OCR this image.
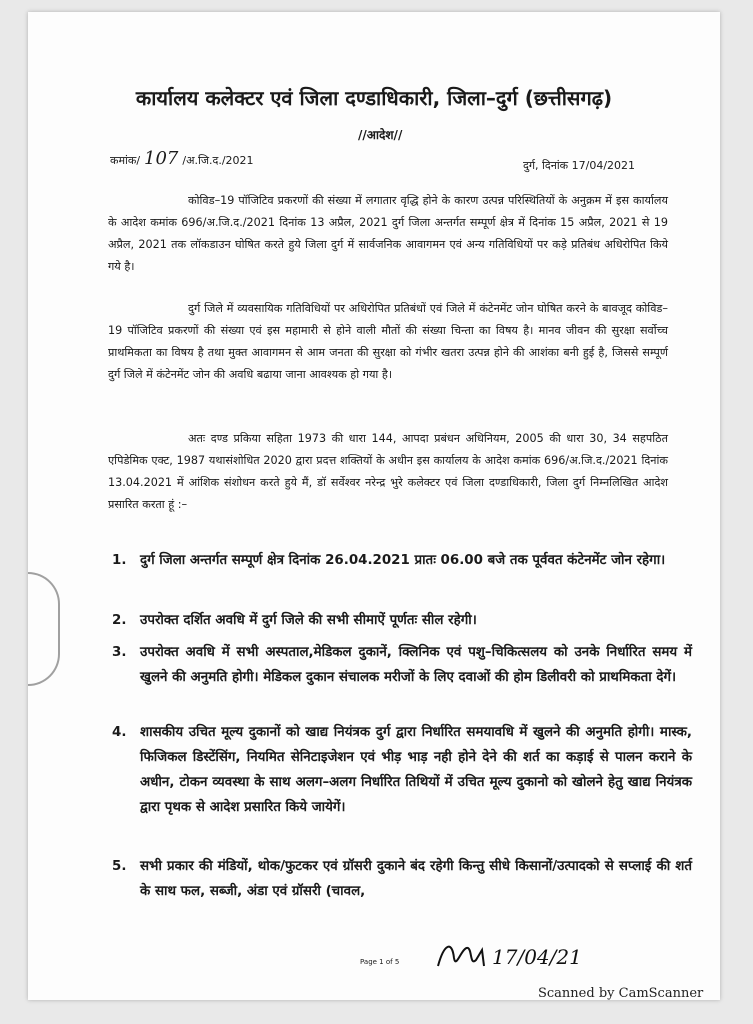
कार्यालय कलेक्टर एवं जिला दण्डाधिकारी, जिला–दुर्ग (छत्तीसगढ़)
//आदेश//
कमांक/ 107 /अ.जि.द./2021	दुर्ग, दिनांक 17/04/2021
कोविड–19 पॉजिटिव प्रकरणों की संख्या में लगातार वृद्धि होने के कारण उत्पन्न परिस्थितियों के अनुक्रम में इस कार्यालय के आदेश कमांक 696/अ.जि.द./2021 दिनांक 13 अप्रैल, 2021 दुर्ग जिला अन्तर्गत सम्पूर्ण क्षेत्र में दिनांक 15 अप्रैल, 2021 से 19 अप्रैल, 2021 तक लॉकडाउन घोषित करते हुये जिला दुर्ग में सार्वजनिक आवागमन एवं अन्य गतिविधियों पर कड़े प्रतिबंध अधिरोपित किये गये है।
दुर्ग जिले में व्यवसायिक गतिविधियों पर अधिरोपित प्रतिबंधों एवं जिले में कंटेनमेंट जोन घोषित करने के बावजूद कोविड–19 पॉजिटिव प्रकरणों की संख्या एवं इस महामारी से होने वाली मौतों की संख्या चिन्ता का विषय है। मानव जीवन की सुरक्षा सर्वोच्च प्राथमिकता का विषय है तथा मुक्त आवागमन से आम जनता की सुरक्षा को गंभीर खतरा उत्पन्न होने की आशंका बनी हुई है, जिससे सम्पूर्ण दुर्ग जिले में कंटेनमेंट जोन की अवधि बढाया जाना आवश्यक हो गया है।
अतः दण्ड प्रकिया सहिता 1973 की धारा 144, आपदा प्रबंधन अधिनियम, 2005 की धारा 30, 34 सहपठित एपिडेमिक एक्ट, 1987 यथासंशोधित 2020 द्वारा प्रदत्त शक्तियों के अधीन इस कार्यालय के आदेश कमांक 696/अ.जि.द./2021 दिनांक 13.04.2021 में आंशिक संशोधन करते हुये मैं, डॉ सर्वेश्वर नरेन्द्र भुरे कलेक्टर एवं जिला दण्डाधिकारी, जिला दुर्ग निम्नलिखित आदेश प्रसारित करता हूं :–
1.	दुर्ग जिला अन्तर्गत सम्पूर्ण क्षेत्र दिनांक 26.04.2021 प्रातः 06.00 बजे तक पूर्ववत कंटेनमेंट जोन रहेगा।
2.	उपरोक्त दर्शित अवधि में दुर्ग जिले की सभी सीमाऐं पूर्णतः सील रहेगी।
3.	उपरोक्त अवधि में सभी अस्पताल,मेडिकल दुकानें, क्लिनिक एवं पशु–चिकित्सलय को उनके निर्धारित समय में खुलने की अनुमति होगी। मेडिकल दुकान संचालक मरीजों के लिए दवाओं की होम डिलीवरी को प्राथमिकता देगें।
4.	शासकीय उचित मूल्य दुकानों को खाद्य नियंत्रक दुर्ग द्वारा निर्धारित समयावधि में खुलने की अनुमति होगी। मास्क, फिजिकल डिस्टेंसिंग, नियमित सेनिटाइजेशन एवं भीड़ भाड़ नही होने देने की शर्त का कड़ाई से पालन कराने के अधीन, टोकन व्यवस्था के साथ अलग–अलग निर्धारित तिथियों में उचित मूल्य दुकानो को खोलने हेतु खाद्य नियंत्रक द्वारा पृथक से आदेश प्रसारित किये जायेगें।
5.	सभी प्रकार की मंडियों, थोक/फुटकर एवं ग्रॉसरी दुकाने बंद रहेगी किन्तु सीधे किसानों/उत्पादको से सप्लाई की शर्त के साथ फल, सब्जी, अंडा एवं ग्रॉसरी (चावल,
Page 1 of 5	17/04/21
Scanned by CamScanner
